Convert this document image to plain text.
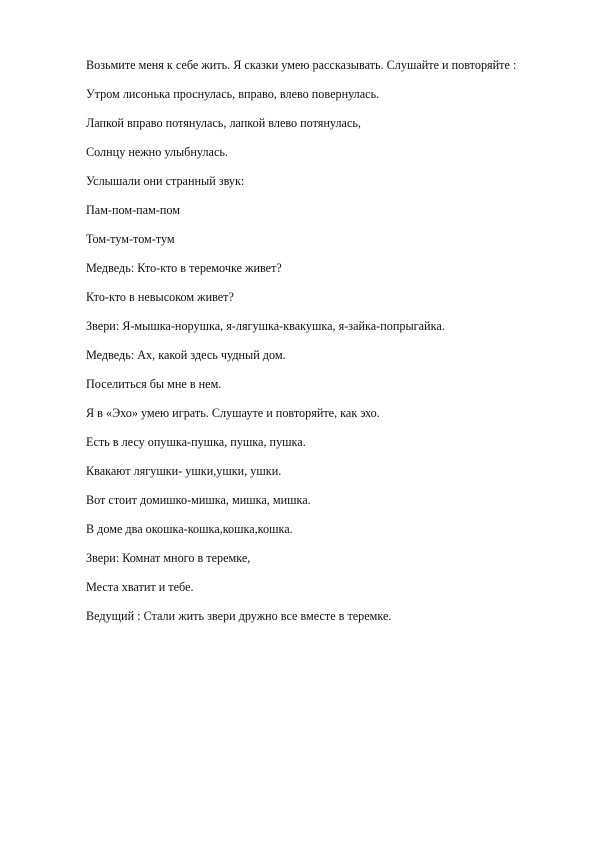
Возьмите меня к себе жить. Я сказки умею рассказывать. Слушайте и повторяйте :

Утром лисонька проснулась, вправо, влево повернулась.

Лапкой вправо потянулась, лапкой влево потянулась,

Солнцу нежно улыбнулась.

Услышали они странный звук:

Пам-пом-пам-пом

Том-тум-том-тум

Медведь: Кто-кто в теремочке живет?

Кто-кто в невысоком живет?

Звери: Я-мышка-норушка, я-лягушка-квакушка, я-зайка-попрыгайка.

Медведь: Ах, какой здесь чудный дом.

Поселиться бы мне в нем.

Я в «Эхо» умею играть. Слушауте и повторяйте, как эхо.

Есть в лесу опушка-пушка, пушка, пушка.

Квакают лягушки- ушки,ушки, ушки.

Вот стоит домишко-мишка, мишка, мишка.

В доме два окошка-кошка,кошка,кошка.

Звери: Комнат много в теремке,

Места хватит и тебе.

Ведущий : Стали жить звери дружно все вместе в теремке.
